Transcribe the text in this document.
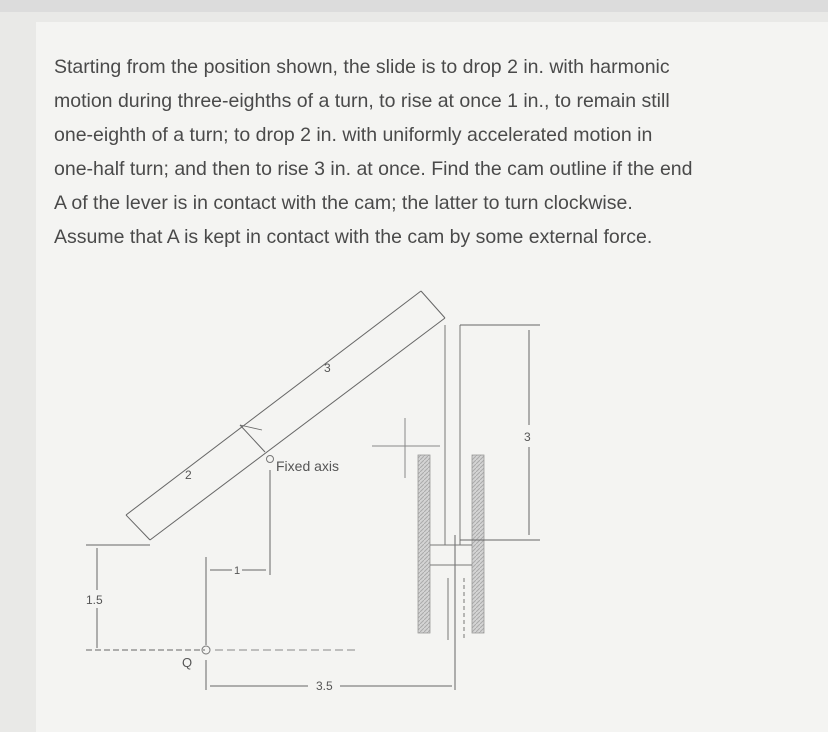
Starting from the position shown, the slide is to drop 2 in. with harmonic
motion during three-eighths of a turn, to rise at once 1 in., to remain still
one-eighth of a turn; to drop 2 in. with uniformly accelerated motion in
one-half turn; and then to rise 3 in. at once. Find the cam outline if the end
A of the lever is in contact with the cam; the latter to turn clockwise.
Assume that A is kept in contact with the cam by some external force.
3
2
Fixed axis
1.5
1
Q
3.5
3
